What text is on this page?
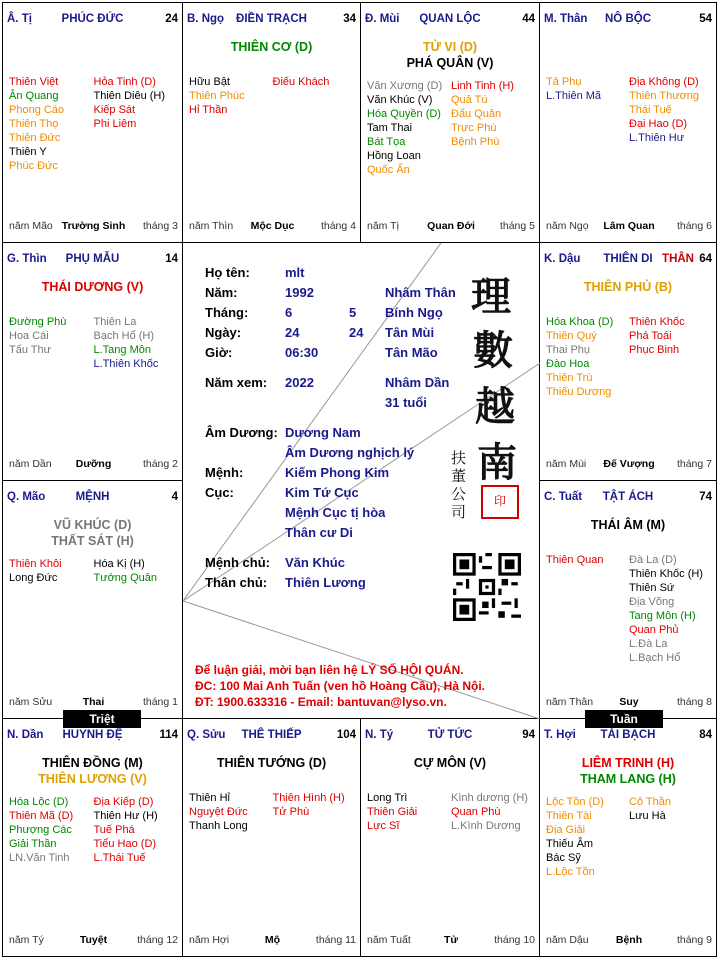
Â. Tị	PHÚC ĐỨC	24
Thiên Việt
Ân Quang
Phong Cáo
Thiên Thọ
Thiên Đức
Thiên Y
Phúc Đức
Hỏa Tinh (D)
Thiên Diêu (H)
Kiếp Sát
Phi Liêm
năm Mão Trường Sinh	tháng 3
B. Ngọ	ĐIỀN TRẠCH	34
THIÊN CƠ (D)
Hữu Bật
Thiên Phúc
Hỉ Thần
Điếu Khách
năm Thìn	Mộc Dục	tháng 4
Đ. Mùi	QUAN LỘC	44
TỬ VI (D)
PHÁ QUÂN (V)
Văn Xương (D)
Văn Khúc (V)
Hóa Quyền (D)
Tam Thai
Bát Tọa
Hồng Loan
Quốc Ấn
Linh Tinh (H)
Quả Tú
Đẩu Quân
Trực Phù
Bệnh Phù
năm Tị	Quan Đới	tháng 5
M. Thân	NÔ BỘC	54
Tả Phụ
L.Thiên Mã
Địa Không (D)
Thiên Thương
Thái Tuế
Đại Hao (D)
L.Thiên Hư
năm Ngọ	Lâm Quan	tháng 6
G. Thìn	PHỤ MẪU	14
THÁI DƯƠNG (V)
Đường Phù
Hoa Cái
Tấu Thư
Thiên La
Bạch Hổ (H)
L.Tang Môn
L.Thiên Khốc
năm Dần	Dưỡng	tháng 2
Q. Mão	MỆNH	4
VŨ KHÚC (D)
THẤT SÁT (H)
Thiên Khôi
Long Đức
Hóa Kị (H)
Tướng Quân
năm Sửu	Thai	tháng 1
K. Dậu	THIÊN DI THÂN 64
THIÊN PHỦ (B)
Hóa Khoa (D)
Thiên Quý
Thai Phụ
Đào Hoa
Thiên Trù
Thiếu Dương
Thiên Khốc
Phá Toái
Phục Binh
năm Mùi	Đế Vượng	tháng 7
C. Tuất	TẬT ÁCH	74
THÁI ÂM (M)
Thiên Quan Đà La (D)
Thiên Khốc (H)
Thiên Sứ
Địa Võng
Tang Môn (H)
Quan Phủ
L.Đà La
L.Bạch Hổ
năm Thân	Suy	tháng 8
N. Dần	HUYNH ĐỆ	114
THIÊN ĐỒNG (M)
THIÊN LƯƠNG (V)
Hóa Lộc (D)
Thiên Mã (D)
Phượng Các
Giải Thần
LN.Văn Tinh
Địa Kiếp (D)
Thiên Hư (H)
Tuế Phá
Tiểu Hao (D)
L.Thái Tuế
năm Tý	Tuyệt	tháng 12
Q. Sửu	THÊ THIẾP	104
THIÊN TƯỚNG (D)
Thiên Hỉ
Nguyệt Đức
Thanh Long
Thiên Hình (H)
Tử Phù
năm Hợi	Mộ	tháng 11
N. Tý	TỬ TỨC	94
CỰ MÔN (V)
Long Trì
Thiên Giải
Lực Sĩ
Kình dương (H)
Quan Phù
L.Kình Dương
năm Tuất	Tử	tháng 10
T. Hợi	TÀI BẠCH	84
LIÊM TRINH (H)
THAM LANG (H)
Lộc Tồn (D)
Thiên Tài
Địa Giải
Thiếu Âm
Bác Sỹ
L.Lộc Tồn
Cô Thần
Lưu Hà
năm Dậu	Bệnh	tháng 9
Họ tên:	mlt
Năm:	1992	Nhâm Thân
Tháng:	6	5 Bính Ngọ
Ngày:	24	24 Tân Mùi
Giờ:	06:30	Tân Mão
Năm xem: 2022	Nhâm Dần
31 tuổi
Âm Dương: Dương Nam
Âm Dương nghịch lý
Mệnh:	Kiếm Phong Kim
Cục:	Kim Tứ Cục
Mệnh Cục tị hòa
Thân cư Di
Mệnh chủ: Văn Khúc
Thân chủ: Thiên Lương
理
數
越
南
扶
董
公
司
印
Để luận giải, mời bạn liên hệ LÝ SỐ HỘI QUÁN.
ĐC: 100 Mai Anh Tuấn (ven hồ Hoàng Cầu), Hà Nội.
ĐT: 1900.633316 - Email: bantuvan@lyso.vn.
Triệt	Tuần
